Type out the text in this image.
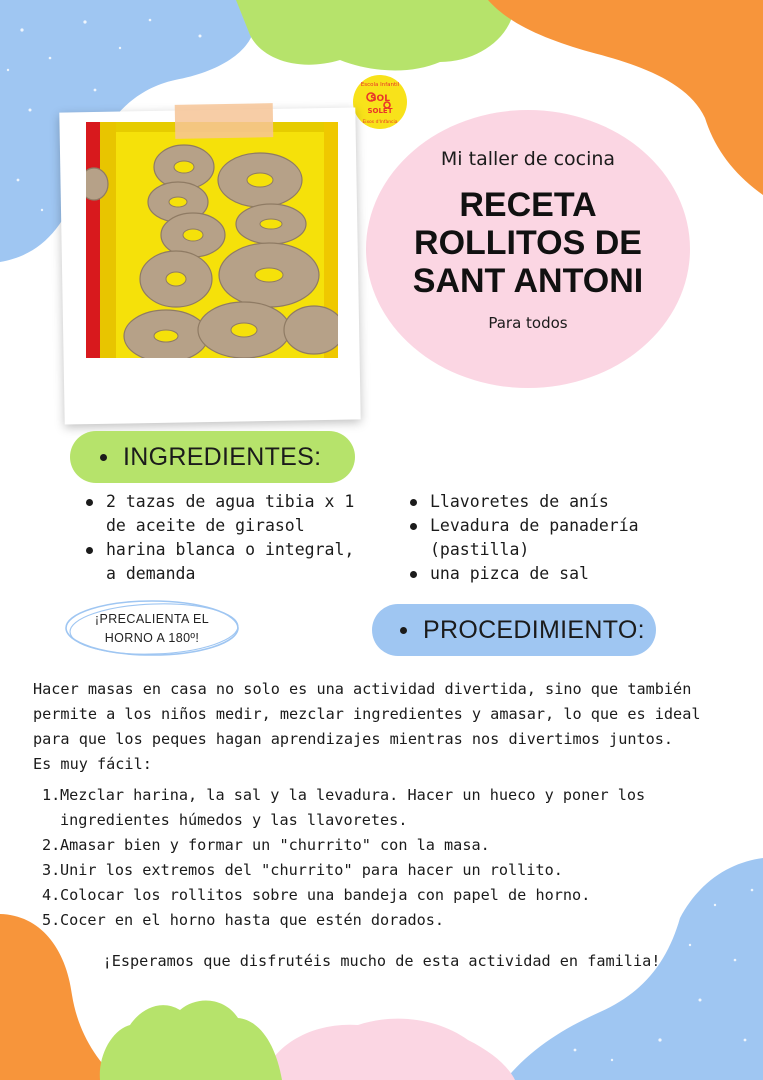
Escola Infantil
SOL
SOLET
Eixos d'Infància
Mi taller de cocina
RECETA
ROLLITOS DE
SANT ANTONI
Para todos
INGREDIENTES:
2 tazas de agua tibia x 1 de aceite de girasol
harina blanca o integral, a demanda
Llavoretes de anís
Levadura de panadería (pastilla)
una pizca de sal
¡PRECALIENTA EL
HORNO A 180º!	PROCEDIMIENTO:

Hacer masas en casa no solo es una actividad divertida, sino que también permite a los niños medir, mezclar ingredientes y amasar, lo que es ideal para que los peques hagan aprendizajes mientras nos divertimos juntos.

Es muy fácil:

1. Mezclar harina, la sal y la levadura. Hacer un hueco y poner los ingredientes húmedos y las llavoretes.
2. Amasar bien y formar un "churrito" con la masa.
3. Unir los extremos del "churrito" para hacer un rollito.
4. Colocar los rollitos sobre una bandeja con papel de horno.
5. Cocer en el horno hasta que estén dorados.
¡Esperamos que disfrutéis mucho de esta actividad en familia!
